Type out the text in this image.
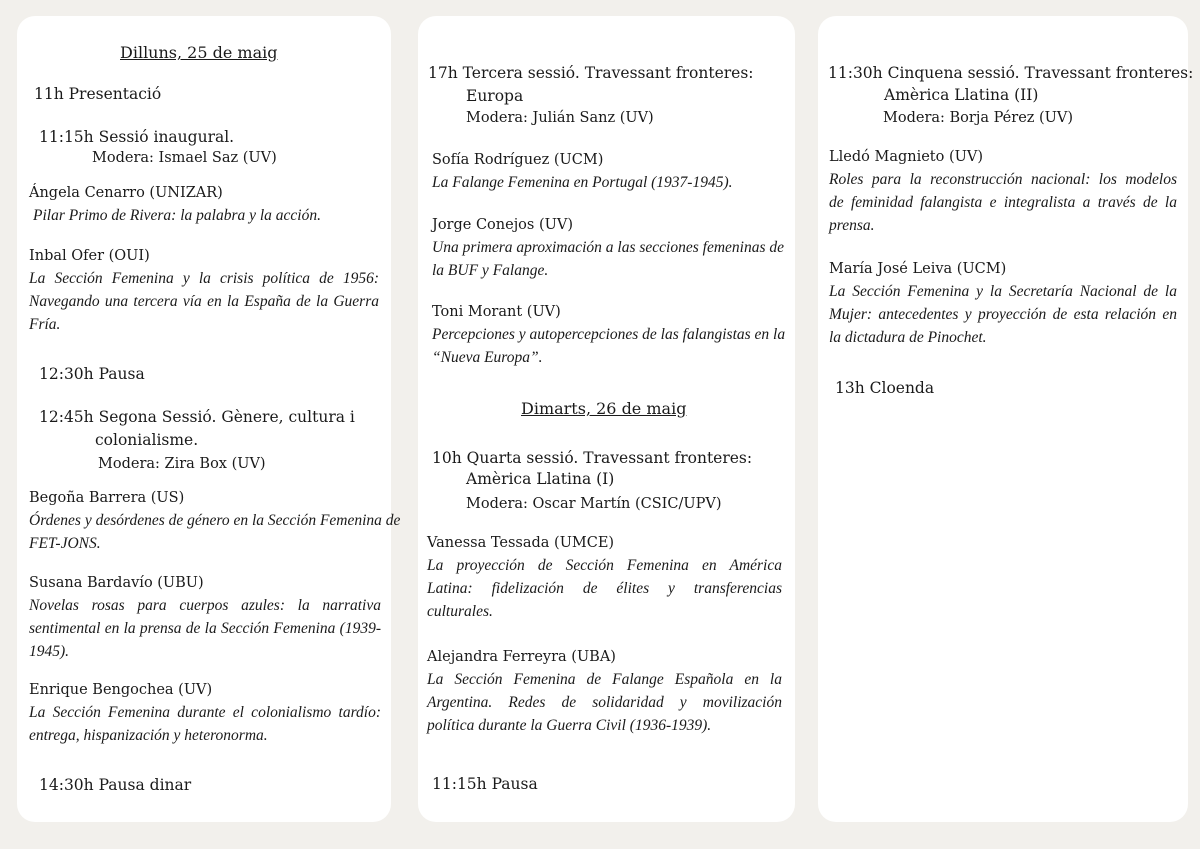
Dilluns, 25 de maig
11h Presentació
11:15h Sessió inaugural.
Modera: Ismael Saz (UV)
Ángela Cenarro (UNIZAR)
Pilar Primo de Rivera: la palabra y la acción.
Inbal Ofer (OUI)
La Sección Femenina y la crisis política de 1956:
Navegando una tercera vía en la España de la Guerra
Fría.
12:30h Pausa
12:45h Segona Sessió. Gènere, cultura i
colonialisme.
Modera: Zira Box (UV)
Begoña Barrera (US)
Órdenes y desórdenes de género en la Sección Femenina de
FET-JONS.
Susana Bardavío (UBU)
Novelas rosas para cuerpos azules: la narrativa
sentimental en la prensa de la Sección Femenina (1939-
1945).
Enrique Bengochea (UV)
La Sección Femenina durante el colonialismo tardío:
entrega, hispanización y heteronorma.
14:30h Pausa dinar
17h Tercera sessió. Travessant fronteres:
Europa
Modera: Julián Sanz (UV)
Sofía Rodríguez (UCM)
La Falange Femenina en Portugal (1937-1945).
Jorge Conejos (UV)
Una primera aproximación a las secciones femeninas de
la BUF y Falange.
Toni Morant (UV)
Percepciones y autopercepciones de las falangistas en la
“Nueva Europa”.
Dimarts, 26 de maig
10h Quarta sessió. Travessant fronteres:
Amèrica Llatina (I)
Modera: Oscar Martín (CSIC/UPV)
Vanessa Tessada (UMCE)
La proyección de Sección Femenina en América
Latina: fidelización de élites y transferencias
culturales.
Alejandra Ferreyra (UBA)
La Sección Femenina de Falange Española en la
Argentina. Redes de solidaridad y movilización
política durante la Guerra Civil (1936-1939).
11:15h Pausa
11:30h Cinquena sessió. Travessant fronteres:
Amèrica Llatina (II)
Modera: Borja Pérez (UV)
Lledó Magnieto (UV)
Roles para la reconstrucción nacional: los modelos
de feminidad falangista e integralista a través de la
prensa.
María José Leiva (UCM)
La Sección Femenina y la Secretaría Nacional de la
Mujer: antecedentes y proyección de esta relación en
la dictadura de Pinochet.
13h Cloenda
